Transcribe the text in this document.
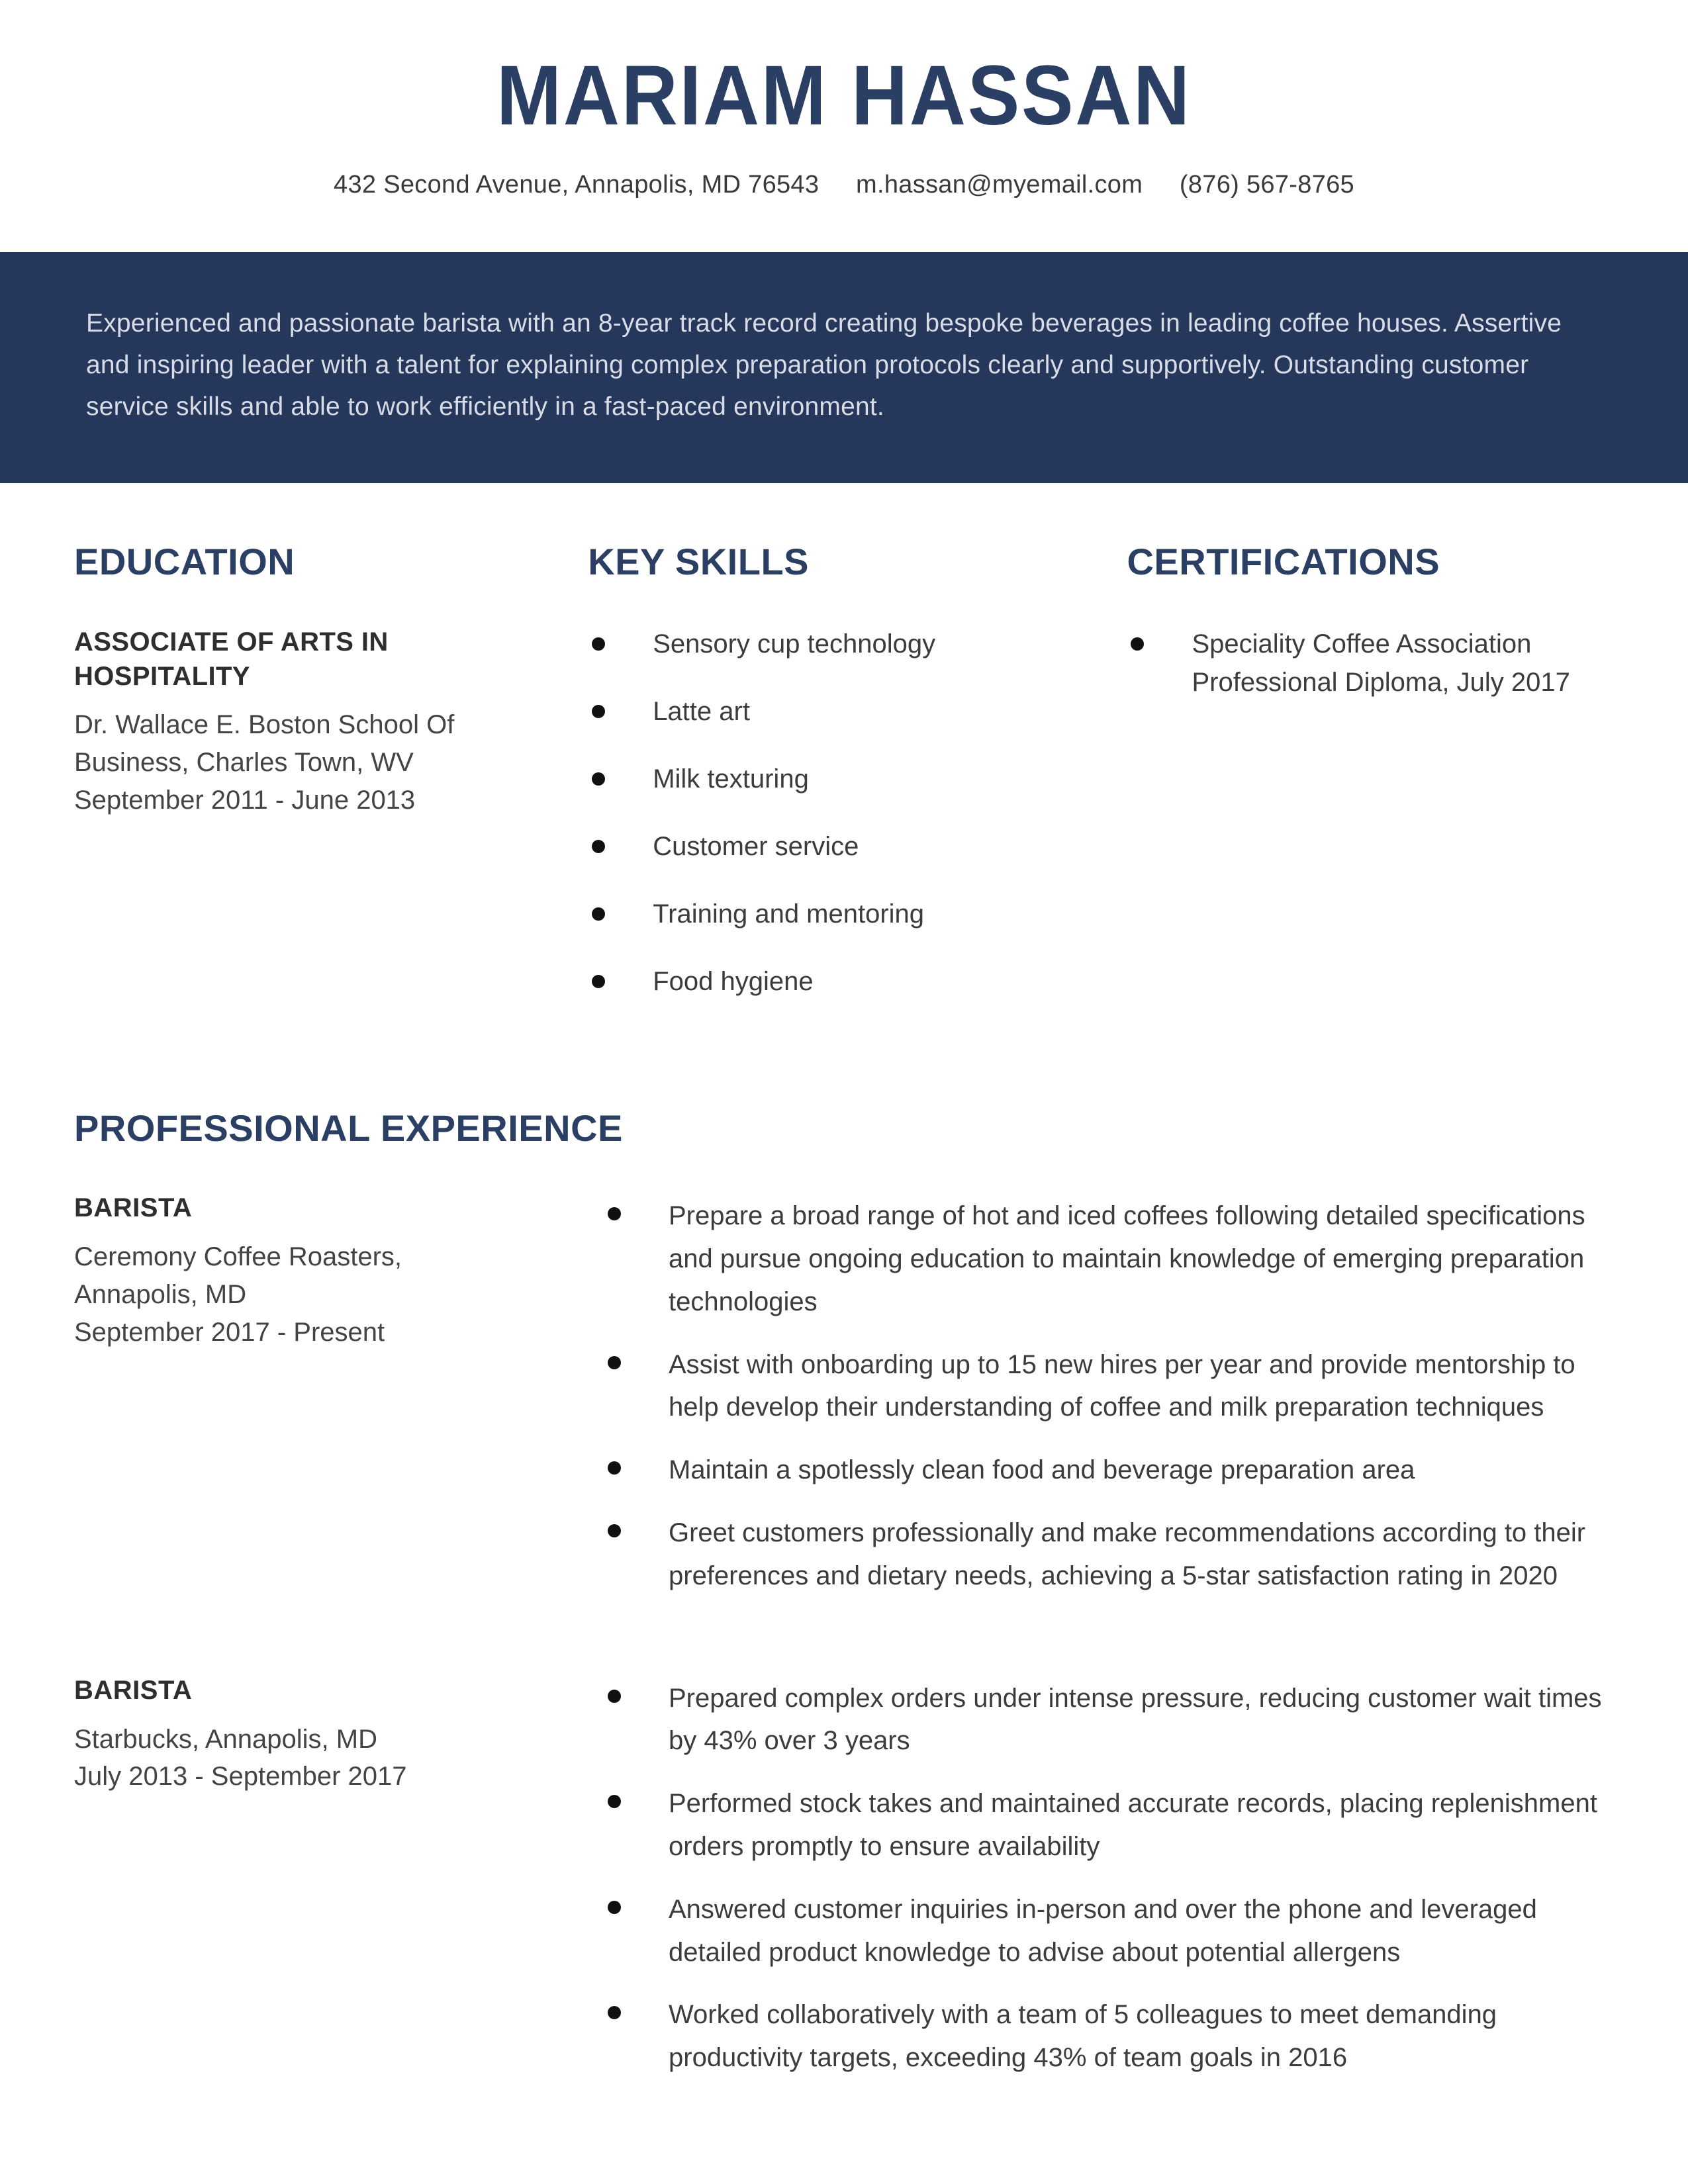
MARIAM HASSAN
432 Second Avenue, Annapolis, MD 76543 m.hassan@myemail.com (876) 567-8765

Experienced and passionate barista with an 8-year track record creating bespoke beverages in leading coffee houses. Assertive and inspiring leader with a talent for explaining complex preparation protocols clearly and supportively. Outstanding customer service skills and able to work efficiently in a fast-paced environment.

EDUCATION
ASSOCIATE OF ARTS IN HOSPITALITY
Dr. Wallace E. Boston School Of Business, Charles Town, WV
September 2011 - June 2013
KEY SKILLS
Sensory cup technology
Latte art
Milk texturing
Customer service
Training and mentoring
Food hygiene
CERTIFICATIONS
Speciality Coffee Association Professional Diploma, July 2017
PROFESSIONAL EXPERIENCE
BARISTA
Ceremony Coffee Roasters,
Annapolis, MD
September 2017 - Present
Prepare a broad range of hot and iced coffees following detailed specifications and pursue ongoing education to maintain knowledge of emerging preparation technologies
Assist with onboarding up to 15 new hires per year and provide mentorship to help develop their understanding of coffee and milk preparation techniques
Maintain a spotlessly clean food and beverage preparation area
Greet customers professionally and make recommendations according to their preferences and dietary needs, achieving a 5-star satisfaction rating in 2020
BARISTA
Starbucks, Annapolis, MD
July 2013 - September 2017
Prepared complex orders under intense pressure, reducing customer wait times by 43% over 3 years
Performed stock takes and maintained accurate records, placing replenishment orders promptly to ensure availability
Answered customer inquiries in-person and over the phone and leveraged detailed product knowledge to advise about potential allergens
Worked collaboratively with a team of 5 colleagues to meet demanding productivity targets, exceeding 43% of team goals in 2016
